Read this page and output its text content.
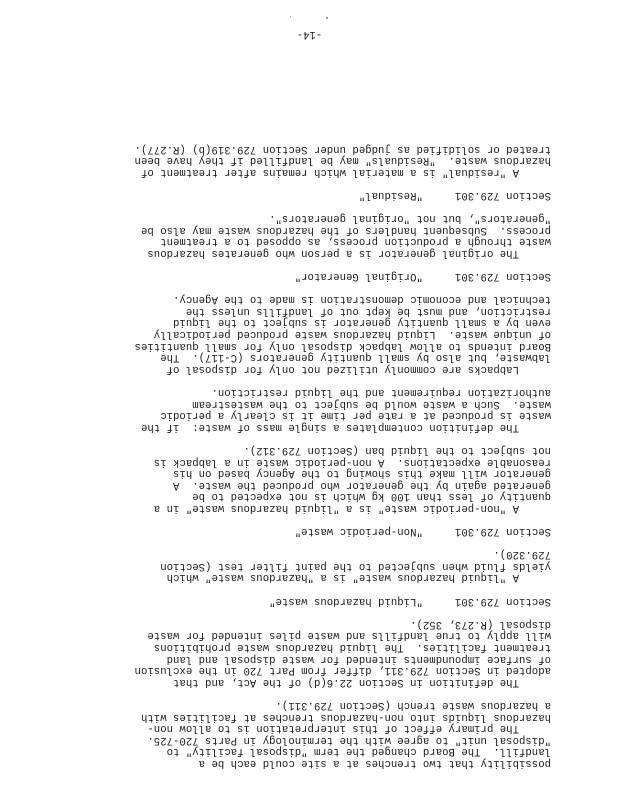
possibility that two trenches at a site could each be a
landfill.  The Board changed the term "disposal facility" to
"disposal unit" to agree with the terminology in Parts 720-725.
The primary effect of this interpretation is to allow non-
hazardous liquids into non-hazardous trenches at facilities with
a hazardous waste trench (Section 729.311).
The definition in Section 22.6(d) of the Act, and that
adopted in Section 729.311, differ from Part 720 in the exclusion
of surface impoundments intended for waste disposal and land
treatment facilities.  The liquid hazardous waste prohibitions
will apply to true landfills and waste piles intended for waste
disposal (R.273, 352).
Section 729.301     "Liquid hazardous waste"
A "liquid hazardous waste" is a "hazardous waste" which
yields fluid when subjected to the paint filter test (Section
729.320).
Section 729.301     "Non-periodic waste"
A "non-periodic waste" is a "liquid hazardous waste" in a
quantity of less than 100 kg which is not expected to be
generated again by the generator who produced the waste.  A
generator will make this showing to the Agency based on his
reasonable expectations.  A non-periodic waste in a labpack is
not subject to the liquid ban (Section 729.312).
The definition contemplates a single mass of waste:  if the
waste is produced at a rate per time it is clearly a periodic
waste.  Such a waste would be subject to the wastestream
authorization requirement and the liquid restriction.
Labpacks are commonly utilized not only for disposal of
labwaste, but also by small quantity generators (C-117).  The
Board intends to allow labpack disposal only for small quantities
of unique waste.  Liquid hazardous waste produced periodically
even by a small quantity generator is subject to the liquid
restriction, and must be kept out of landfills unless the
technical and economic demonstration is made to the Agency.
Section 729.301     "Original Generator"
The original generator is a person who generates hazardous
waste through a production process, as opposed to a treatment
process.  Subsequent handlers of the hazardous waste may also be
"generators", but not "original generators".
Section 729.301     "Residual"
A "residual" is a material which remains after treatment of
hazardous waste.  "Residuals" may be landfilled if they have been
treated or solidified as judged under Section 729.319(b) (R.277).
-14-
